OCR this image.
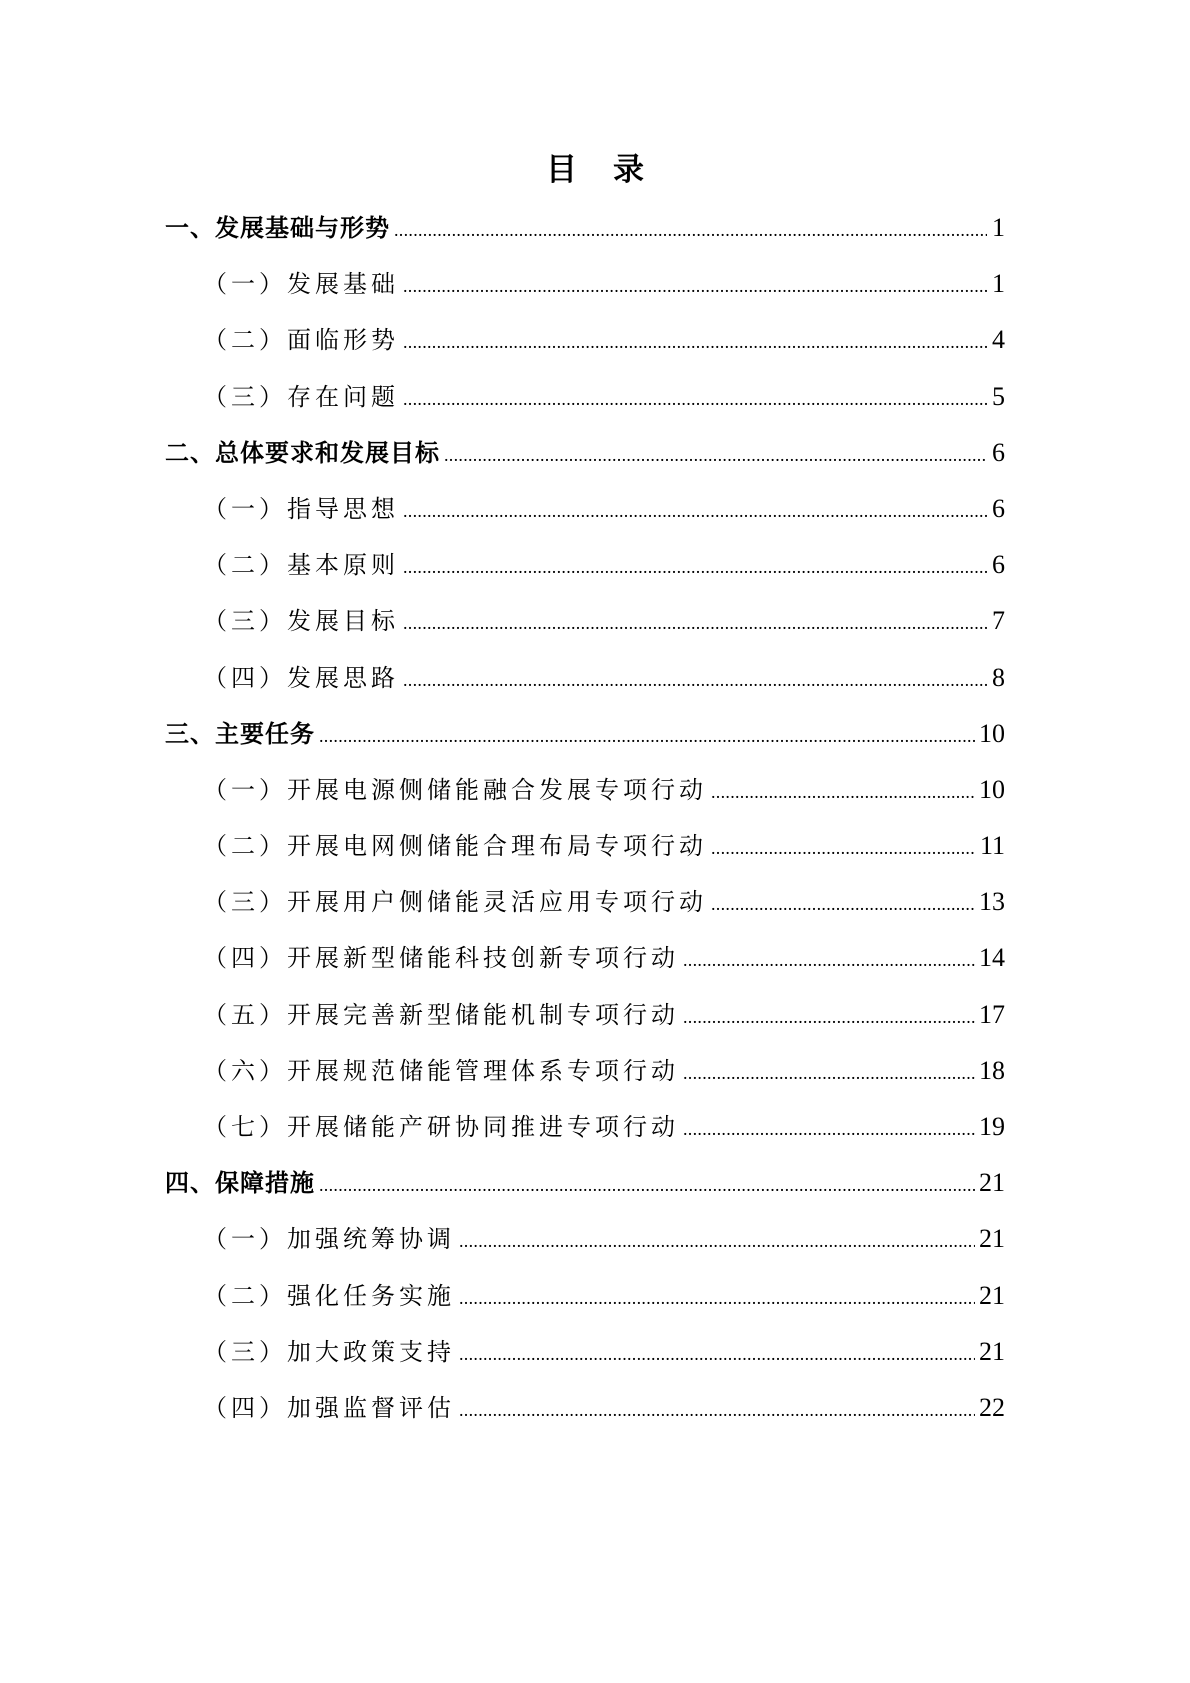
目录
一、发展基础与形势 .....	1
（一）发展基础 .....	1
（二）面临形势 .....	4
（三）存在问题 .....	5
二、总体要求和发展目标 .....	6
（一）指导思想 .....	6
（二）基本原则 .....	6
（三）发展目标 .....	7
（四）发展思路 .....	8
三、主要任务 .....	10
（一）开展电源侧储能融合发展专项行动 .....	10
（二）开展电网侧储能合理布局专项行动 .....	11
（三）开展用户侧储能灵活应用专项行动 .....	13
（四）开展新型储能科技创新专项行动 .....	14
（五）开展完善新型储能机制专项行动 .....	17
（六）开展规范储能管理体系专项行动 .....	18
（七）开展储能产研协同推进专项行动 .....	19
四、保障措施 .....	21
（一）加强统筹协调 .....	21
（二）强化任务实施 .....	21
（三）加大政策支持 .....	21
（四）加强监督评估 .....	22
